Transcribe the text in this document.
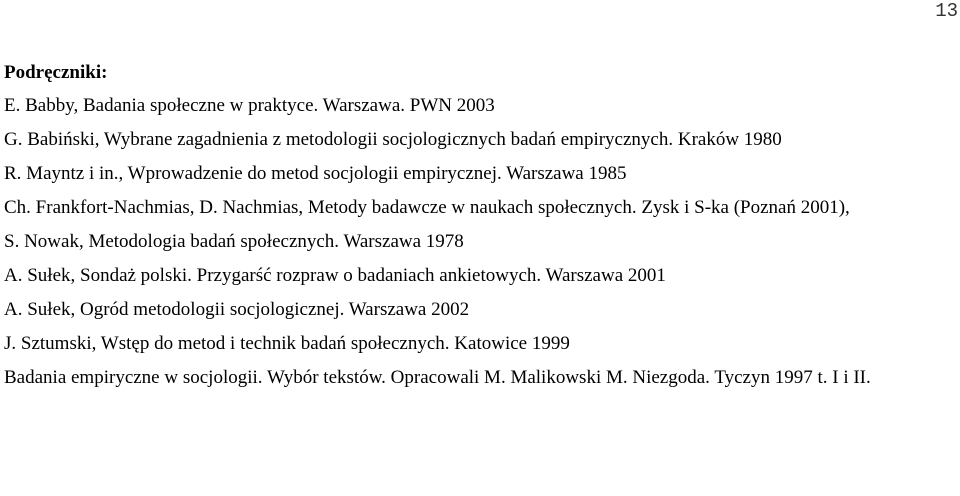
13

Podręczniki:

E. Babby, Badania społeczne w praktyce. Warszawa. PWN 2003
G. Babiński, Wybrane zagadnienia z metodologii socjologicznych badań empirycznych. Kraków 1980
R. Mayntz i in., Wprowadzenie do metod socjologii empirycznej. Warszawa 1985
Ch. Frankfort-Nachmias, D. Nachmias, Metody badawcze w naukach społecznych. Zysk i S-ka (Poznań 2001),
S. Nowak, Metodologia badań społecznych. Warszawa 1978
A. Sułek, Sondaż polski. Przygarść rozpraw o badaniach ankietowych. Warszawa 2001
A. Sułek, Ogród metodologii socjologicznej. Warszawa 2002
J. Sztumski, Wstęp do metod i technik badań społecznych. Katowice 1999
Badania empiryczne w socjologii. Wybór tekstów. Opracowali M. Malikowski M. Niezgoda. Tyczyn 1997 t. I i II.
